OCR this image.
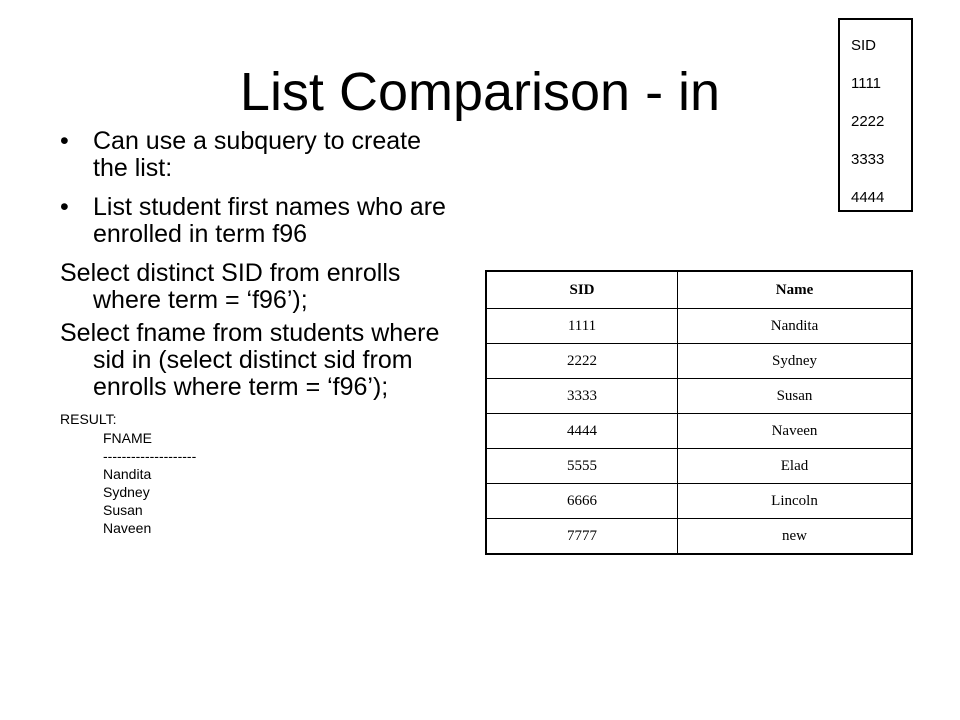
List Comparison - in
• Can use a subquery to create the list:
• List student first names who are enrolled in term f96
Select distinct SID from enrolls where term = ‘f96’);
Select fname from students where sid in (select distinct sid from enrolls where term = ‘f96’);
RESULT:
FNAME
--------------------
Nandita
Sydney
Susan
Naveen
SID
1111
2222
3333
4444
SID	Name
1111	Nandita
2222	Sydney
3333	Susan
4444	Naveen
5555	Elad
6666	Lincoln
7777	new
